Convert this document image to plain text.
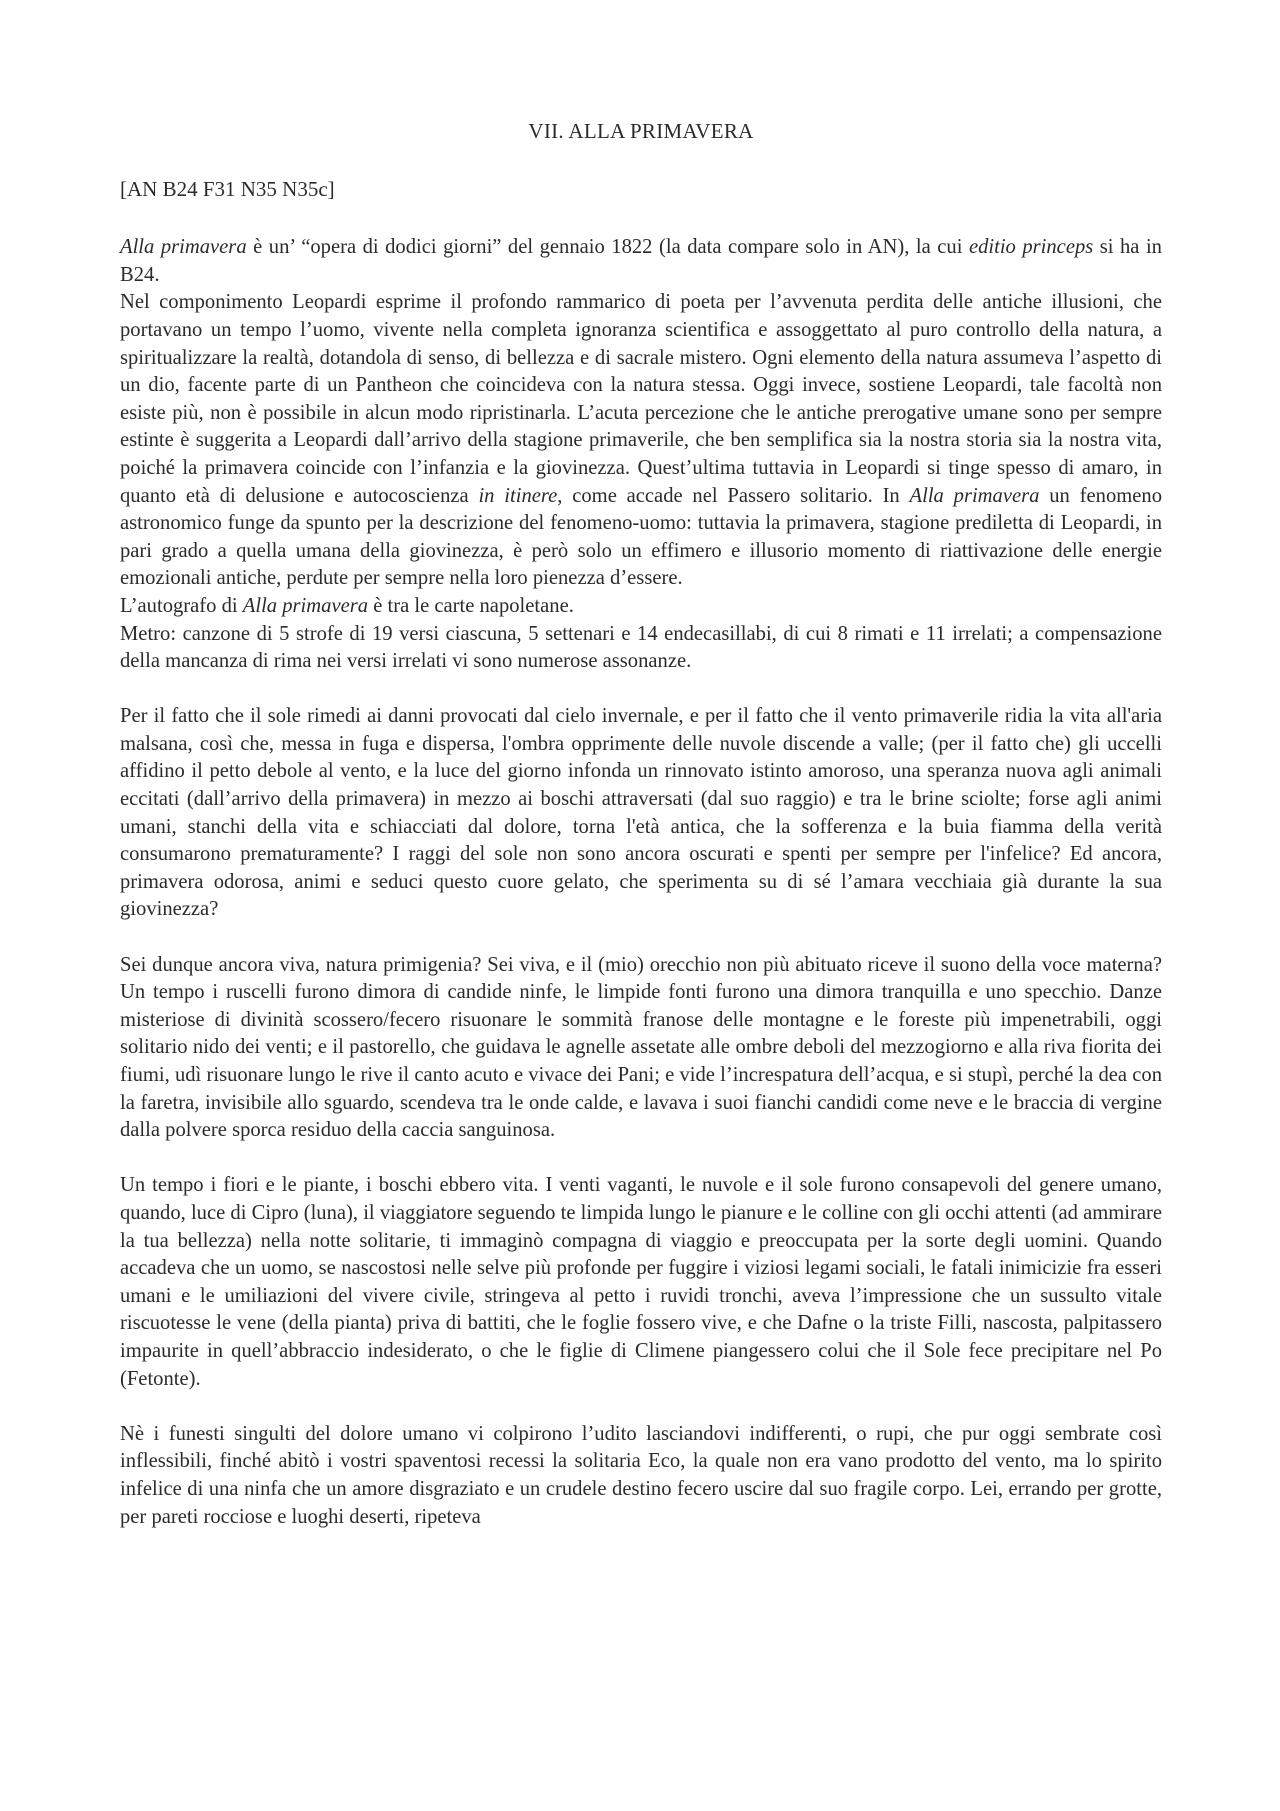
VII. ALLA PRIMAVERA
[AN B24 F31 N35 N35c]

Alla primavera è un’ “opera di dodici giorni” del gennaio 1822 (la data compare solo in AN), la cui editio princeps si ha in B24.

Nel componimento Leopardi esprime il profondo rammarico di poeta per l’avvenuta perdita delle antiche illusioni, che portavano un tempo l’uomo, vivente nella completa ignoranza scientifica e assoggettato al puro controllo della natura, a spiritualizzare la realtà, dotandola di senso, di bellezza e di sacrale mistero. Ogni elemento della natura assumeva l’aspetto di un dio, facente parte di un Pantheon che coincideva con la natura stessa. Oggi invece, sostiene Leopardi, tale facoltà non esiste più, non è possibile in alcun modo ripristinarla. L’acuta percezione che le antiche prerogative umane sono per sempre estinte è suggerita a Leopardi dall’arrivo della stagione primaverile, che ben semplifica sia la nostra storia sia la nostra vita, poiché la primavera coincide con l’infanzia e la giovinezza. Quest’ultima tuttavia in Leopardi si tinge spesso di amaro, in quanto età di delusione e autocoscienza in itinere, come accade nel Passero solitario. In Alla primavera un fenomeno astronomico funge da spunto per la descrizione del fenomeno-uomo: tuttavia la primavera, stagione prediletta di Leopardi, in pari grado a quella umana della giovinezza, è però solo un effimero e illusorio momento di riattivazione delle energie emozionali antiche, perdute per sempre nella loro pienezza d’essere.

L’autografo di Alla primavera è tra le carte napoletane.

Metro: canzone di 5 strofe di 19 versi ciascuna, 5 settenari e 14 endecasillabi, di cui 8 rimati e 11 irrelati; a compensazione della mancanza di rima nei versi irrelati vi sono numerose assonanze.

Per il fatto che il sole rimedi ai danni provocati dal cielo invernale, e per il fatto che il vento primaverile ridia la vita all'aria malsana, così che, messa in fuga e dispersa, l'ombra opprimente delle nuvole discende a valle; (per il fatto che) gli uccelli affidino il petto debole al vento, e la luce del giorno infonda un rinnovato istinto amoroso, una speranza nuova agli animali eccitati (dall’arrivo della primavera) in mezzo ai boschi attraversati (dal suo raggio) e tra le brine sciolte; forse agli animi umani, stanchi della vita e schiacciati dal dolore, torna l'età antica, che la sofferenza e la buia fiamma della verità consumarono prematuramente? I raggi del sole non sono ancora oscurati e spenti per sempre per l'infelice? Ed ancora, primavera odorosa, animi e seduci questo cuore gelato, che sperimenta su di sé l’amara vecchiaia già durante la sua giovinezza?

Sei dunque ancora viva, natura primigenia? Sei viva, e il (mio) orecchio non più abituato riceve il suono della voce materna? Un tempo i ruscelli furono dimora di candide ninfe, le limpide fonti furono una dimora tranquilla e uno specchio. Danze misteriose di divinità scossero/fecero risuonare le sommità franose delle montagne e le foreste più impenetrabili, oggi solitario nido dei venti; e il pastorello, che guidava le agnelle assetate alle ombre deboli del mezzogiorno e alla riva fiorita dei fiumi, udì risuonare lungo le rive il canto acuto e vivace dei Pani; e vide l’increspatura dell’acqua, e si stupì, perché la dea con la faretra, invisibile allo sguardo, scendeva tra le onde calde, e lavava i suoi fianchi candidi come neve e le braccia di vergine dalla polvere sporca residuo della caccia sanguinosa.

Un tempo i fiori e le piante, i boschi ebbero vita. I venti vaganti, le nuvole e il sole furono consapevoli del genere umano, quando, luce di Cipro (luna), il viaggiatore seguendo te limpida lungo le pianure e le colline con gli occhi attenti (ad ammirare la tua bellezza) nella notte solitarie, ti immaginò compagna di viaggio e preoccupata per la sorte degli uomini. Quando accadeva che un uomo, se nascostosi nelle selve più profonde per fuggire i viziosi legami sociali, le fatali inimicizie fra esseri umani e le umiliazioni del vivere civile, stringeva al petto i ruvidi tronchi, aveva l’impressione che un sussulto vitale riscuotesse le vene (della pianta) priva di battiti, che le foglie fossero vive, e che Dafne o la triste Filli, nascosta, palpitassero impaurite in quell’abbraccio indesiderato, o che le figlie di Climene piangessero colui che il Sole fece precipitare nel Po (Fetonte).

Nè i funesti singulti del dolore umano vi colpirono l’udito lasciandovi indifferenti, o rupi, che pur oggi sembrate così inflessibili, finché abitò i vostri spaventosi recessi la solitaria Eco, la quale non era vano prodotto del vento, ma lo spirito infelice di una ninfa che un amore disgraziato e un crudele destino fecero uscire dal suo fragile corpo. Lei, errando per grotte, per pareti rocciose e luoghi deserti, ripeteva
